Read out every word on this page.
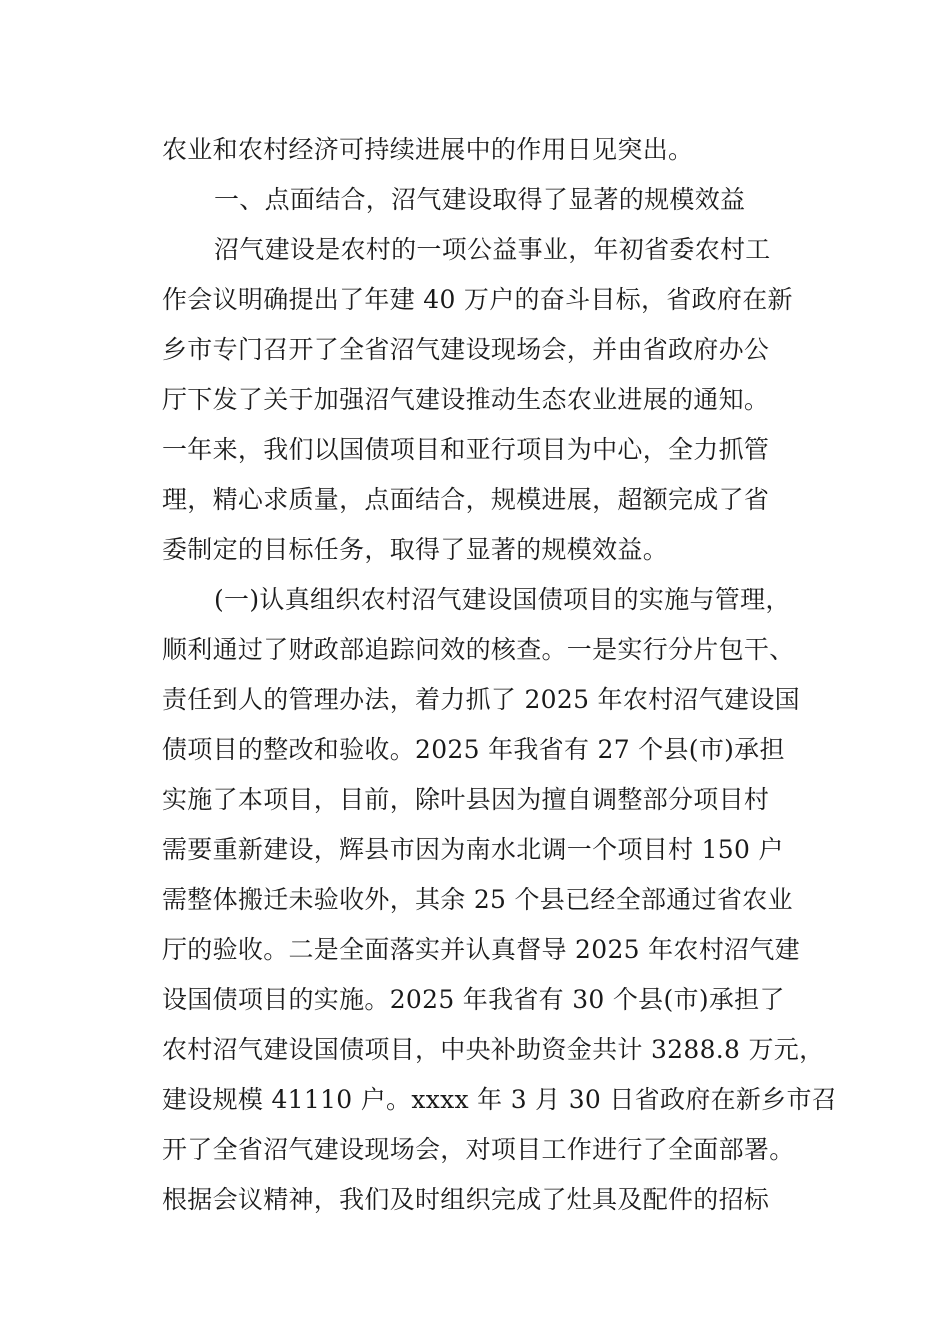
农业和农村经济可持续进展中的作用日见突出。
一、点面结合，沼气建设取得了显著的规模效益
沼气建设是农村的一项公益事业，年初省委农村工
作会议明确提出了年建 40 万户的奋斗目标，省政府在新
乡市专门召开了全省沼气建设现场会，并由省政府办公
厅下发了关于加强沼气建设推动生态农业进展的通知。
一年来，我们以国债项目和亚行项目为中心，全力抓管
理，精心求质量，点面结合，规模进展，超额完成了省
委制定的目标任务，取得了显著的规模效益。
(一)认真组织农村沼气建设国债项目的实施与管理，
顺利通过了财政部追踪问效的核查。一是实行分片包干、
责任到人的管理办法，着力抓了 2025 年农村沼气建设国
债项目的整改和验收。2025 年我省有 27 个县(市)承担
实施了本项目，目前，除叶县因为擅自调整部分项目村
需要重新建设，辉县市因为南水北调一个项目村 150 户
需整体搬迁未验收外，其余 25 个县已经全部通过省农业
厅的验收。二是全面落实并认真督导 2025 年农村沼气建
设国债项目的实施。2025 年我省有 30 个县(市)承担了
农村沼气建设国债项目，中央补助资金共计 3288.8 万元，
建设规模 41110 户。xxxx 年 3 月 30 日省政府在新乡市召
开了全省沼气建设现场会，对项目工作进行了全面部署。
根据会议精神，我们及时组织完成了灶具及配件的招标
